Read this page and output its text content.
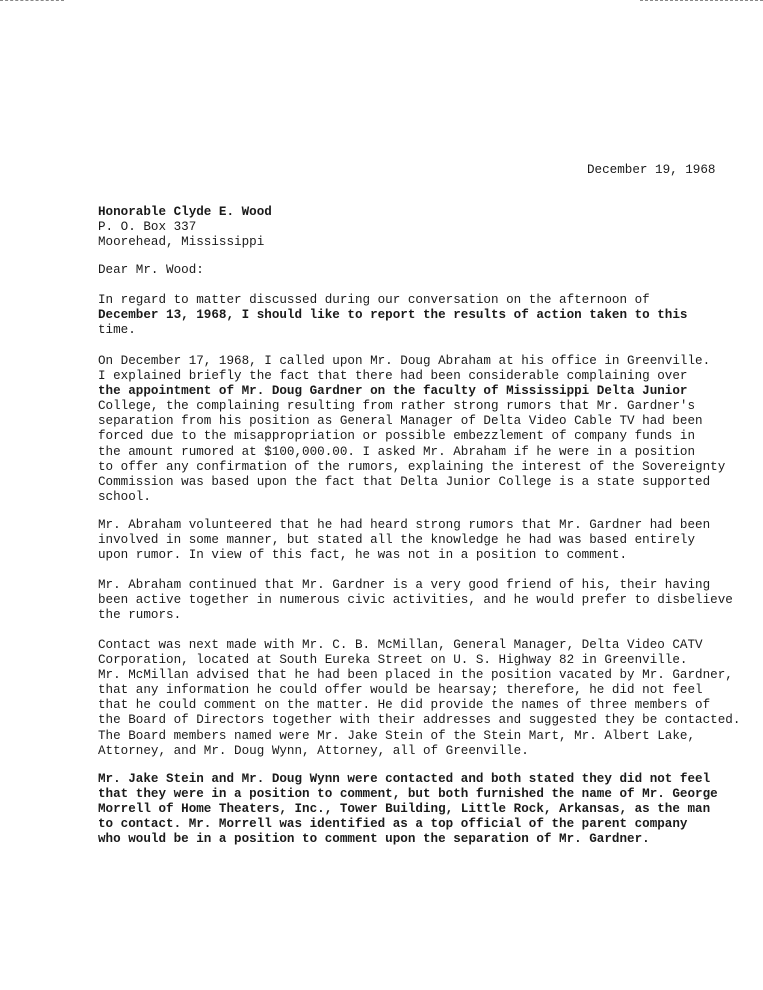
December 19, 1968
Honorable Clyde E. Wood
P. O. Box 337
Moorehead, Mississippi
Dear Mr. Wood:
In regard to matter discussed during our conversation on the afternoon of
December 13, 1968, I should like to report the results of action taken to this
time.
On December 17, 1968, I called upon Mr. Doug Abraham at his office in Greenville.
I explained briefly the fact that there had been considerable complaining over
the appointment of Mr. Doug Gardner on the faculty of Mississippi Delta Junior
College, the complaining resulting from rather strong rumors that Mr. Gardner's
separation from his position as General Manager of Delta Video Cable TV had been
forced due to the misappropriation or possible embezzlement of company funds in
the amount rumored at $100,000.00. I asked Mr. Abraham if he were in a position
to offer any confirmation of the rumors, explaining the interest of the Sovereignty
Commission was based upon the fact that Delta Junior College is a state supported
school.
Mr. Abraham volunteered that he had heard strong rumors that Mr. Gardner had been
involved in some manner, but stated all the knowledge he had was based entirely
upon rumor. In view of this fact, he was not in a position to comment.
Mr. Abraham continued that Mr. Gardner is a very good friend of his, their having
been active together in numerous civic activities, and he would prefer to disbelieve
the rumors.
Contact was next made with Mr. C. B. McMillan, General Manager, Delta Video CATV
Corporation, located at South Eureka Street on U. S. Highway 82 in Greenville.
Mr. McMillan advised that he had been placed in the position vacated by Mr. Gardner,
that any information he could offer would be hearsay; therefore, he did not feel
that he could comment on the matter. He did provide the names of three members of
the Board of Directors together with their addresses and suggested they be contacted.
The Board members named were Mr. Jake Stein of the Stein Mart, Mr. Albert Lake,
Attorney, and Mr. Doug Wynn, Attorney, all of Greenville.
Mr. Jake Stein and Mr. Doug Wynn were contacted and both stated they did not feel
that they were in a position to comment, but both furnished the name of Mr. George
Morrell of Home Theaters, Inc., Tower Building, Little Rock, Arkansas, as the man
to contact. Mr. Morrell was identified as a top official of the parent company
who would be in a position to comment upon the separation of Mr. Gardner.
